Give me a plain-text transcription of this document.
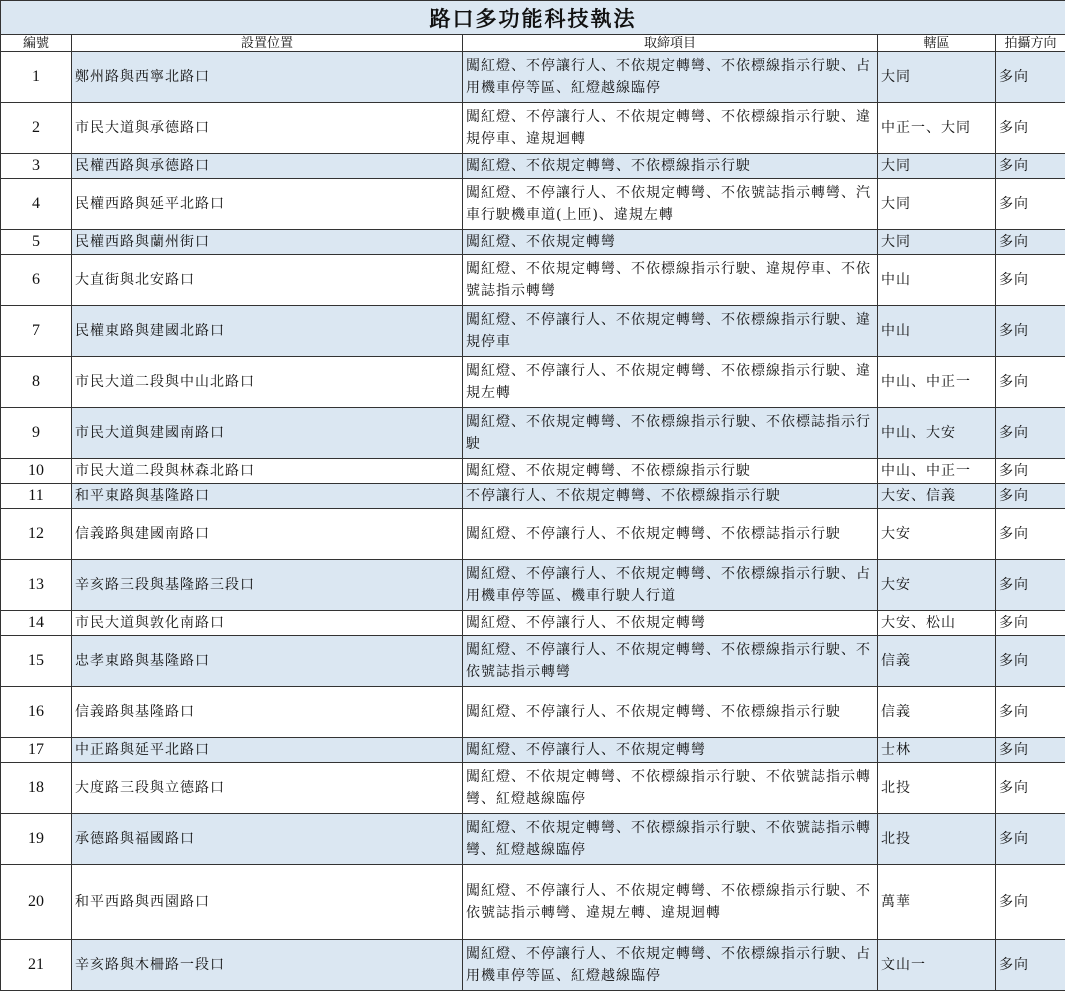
路口多功能科技執法				
編號	設置位置	取締項目	轄區	拍攝方向
1	鄭州路與西寧北路口	闖紅燈、不停讓行人、不依規定轉彎、不依標線指示行駛、占用機車停等區、紅燈越線臨停	大同	多向
2	市民大道與承德路口	闖紅燈、不停讓行人、不依規定轉彎、不依標線指示行駛、違規停車、違規迴轉	中正一、大同	多向
3	民權西路與承德路口	闖紅燈、不依規定轉彎、不依標線指示行駛	大同	多向
4	民權西路與延平北路口	闖紅燈、不停讓行人、不依規定轉彎、不依號誌指示轉彎、汽車行駛機車道(上匝)、違規左轉	大同	多向
5	民權西路與蘭州街口	闖紅燈、不依規定轉彎	大同	多向
6	大直街與北安路口	闖紅燈、不依規定轉彎、不依標線指示行駛、違規停車、不依號誌指示轉彎	中山	多向
7	民權東路與建國北路口	闖紅燈、不停讓行人、不依規定轉彎、不依標線指示行駛、違規停車	中山	多向
8	市民大道二段與中山北路口	闖紅燈、不停讓行人、不依規定轉彎、不依標線指示行駛、違規左轉	中山、中正一	多向
9	市民大道與建國南路口	闖紅燈、不依規定轉彎、不依標線指示行駛、不依標誌指示行駛	中山、大安	多向
10	市民大道二段與林森北路口	闖紅燈、不依規定轉彎、不依標線指示行駛	中山、中正一	多向
11	和平東路與基隆路口	不停讓行人、不依規定轉彎、不依標線指示行駛	大安、信義	多向
12	信義路與建國南路口	闖紅燈、不停讓行人、不依規定轉彎、不依標誌指示行駛	大安	多向
13	辛亥路三段與基隆路三段口	闖紅燈、不停讓行人、不依規定轉彎、不依標線指示行駛、占用機車停等區、機車行駛人行道	大安	多向
14	市民大道與敦化南路口	闖紅燈、不停讓行人、不依規定轉彎	大安、松山	多向
15	忠孝東路與基隆路口	闖紅燈、不停讓行人、不依規定轉彎、不依標線指示行駛、不依號誌指示轉彎	信義	多向
16	信義路與基隆路口	闖紅燈、不停讓行人、不依規定轉彎、不依標線指示行駛	信義	多向
17	中正路與延平北路口	闖紅燈、不停讓行人、不依規定轉彎	士林	多向
18	大度路三段與立德路口	闖紅燈、不依規定轉彎、不依標線指示行駛、不依號誌指示轉彎、紅燈越線臨停	北投	多向
19	承德路與福國路口	闖紅燈、不依規定轉彎、不依標線指示行駛、不依號誌指示轉彎、紅燈越線臨停	北投	多向
20	和平西路與西園路口	闖紅燈、不停讓行人、不依規定轉彎、不依標線指示行駛、不依號誌指示轉彎、違規左轉、違規迴轉	萬華	多向
21	辛亥路與木柵路一段口	闖紅燈、不停讓行人、不依規定轉彎、不依標線指示行駛、占用機車停等區、紅燈越線臨停	文山一	多向
